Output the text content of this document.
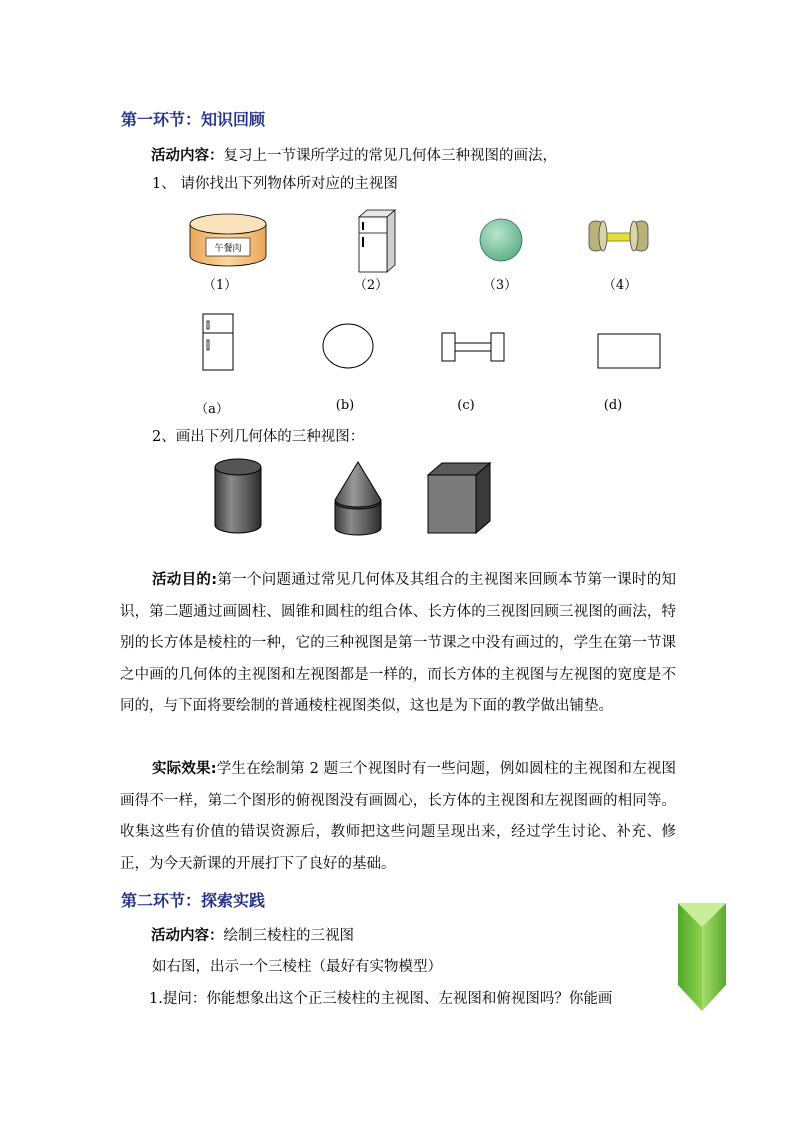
第一环节：知识回顾
活动内容：复习上一节课所学过的常见几何体三种视图的画法，
1、 请你找出下列物体所对应的主视图
午餐肉
（1）	（2）	（3）	（4）
（a）	(b)	(c)	(d)
2、画出下列几何体的三种视图：
活动目的:第一个问题通过常见几何体及其组合的主视图来回顾本节第一课时的知识，第二题通过画圆柱、圆锥和圆柱的组合体、长方体的三视图回顾三视图的画法，特别的长方体是棱柱的一种，它的三种视图是第一节课之中没有画过的，学生在第一节课之中画的几何体的主视图和左视图都是一样的，而长方体的主视图与左视图的宽度是不同的，与下面将要绘制的普通棱柱视图类似，这也是为下面的教学做出铺垫。
实际效果:学生在绘制第 2 题三个视图时有一些问题，例如圆柱的主视图和左视图画得不一样，第二个图形的俯视图没有画圆心，长方体的主视图和左视图画的相同等。收集这些有价值的错误资源后，教师把这些问题呈现出来，经过学生讨论、补充、修正，为今天新课的开展打下了良好的基础。
第二环节：探索实践
活动内容：绘制三棱柱的三视图
如右图，出示一个三棱柱（最好有实物模型）
1.提问：你能想象出这个正三棱柱的主视图、左视图和俯视图吗？你能画
